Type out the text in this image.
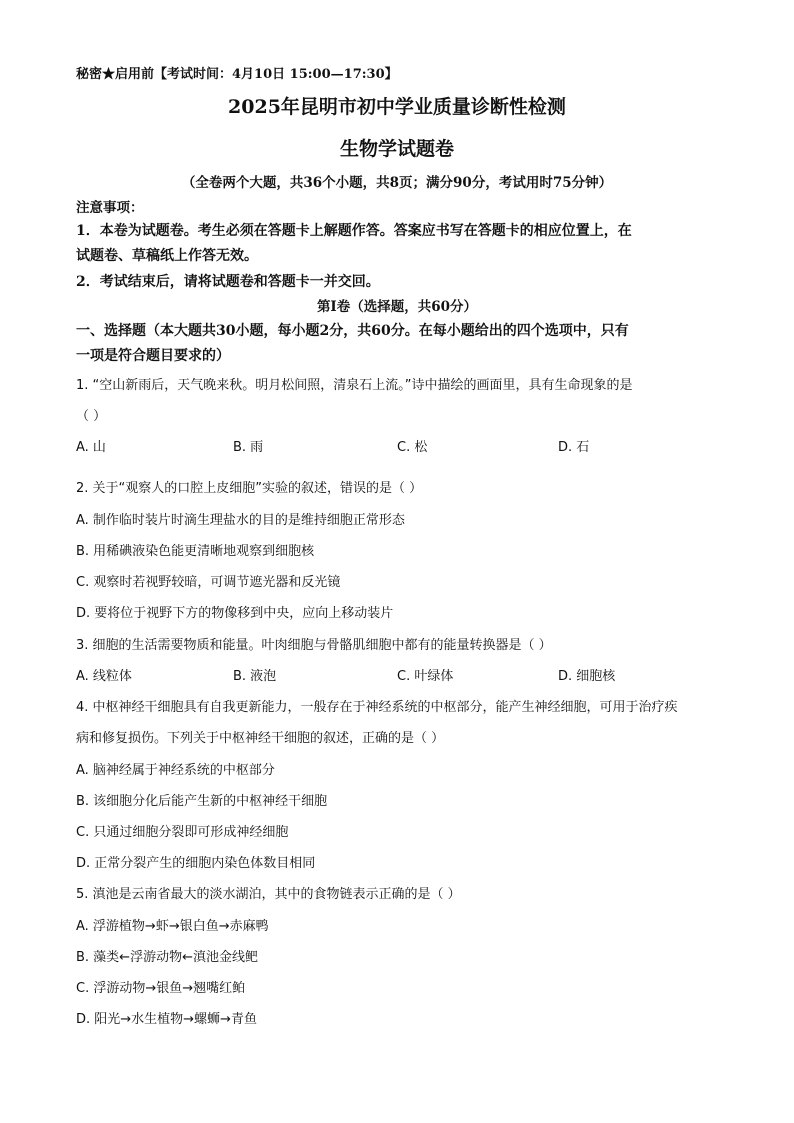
秘密★启用前【考试时间：4月10日 15:00—17:30】
2025年昆明市初中学业质量诊断性检测
生物学试题卷
（全卷两个大题，共36个小题，共8页；满分90分，考试用时75分钟）
注意事项：
1．本卷为试题卷。考生必须在答题卡上解题作答。答案应书写在答题卡的相应位置上，在
试题卷、草稿纸上作答无效。
2．考试结束后，请将试题卷和答题卡一并交回。
第Ⅰ卷（选择题，共60分）
一、选择题（本大题共30小题，每小题2分，共60分。在每小题给出的四个选项中，只有
一项是符合题目要求的）
1. “空山新雨后，天气晚来秋。明月松间照，清泉石上流。”诗中描绘的画面里，具有生命现象的是
（ ）
A. 山	B. 雨	C. 松	D. 石
2. 关于“观察人的口腔上皮细胞”实验的叙述，错误的是（ ）
A. 制作临时装片时滴生理盐水的目的是维持细胞正常形态
B. 用稀碘液染色能更清晰地观察到细胞核
C. 观察时若视野较暗，可调节遮光器和反光镜
D. 要将位于视野下方的物像移到中央，应向上移动装片
3. 细胞的生活需要物质和能量。叶肉细胞与骨骼肌细胞中都有的能量转换器是（ ）
A. 线粒体	B. 液泡	C. 叶绿体	D. 细胞核
4. 中枢神经干细胞具有自我更新能力，一般存在于神经系统的中枢部分，能产生神经细胞，可用于治疗疾
病和修复损伤。下列关于中枢神经干细胞的叙述，正确的是（ ）
A. 脑神经属于神经系统的中枢部分
B. 该细胞分化后能产生新的中枢神经干细胞
C. 只通过细胞分裂即可形成神经细胞
D. 正常分裂产生的细胞内染色体数目相同
5. 滇池是云南省最大的淡水湖泊，其中的食物链表示正确的是（ ）
A. 浮游植物→虾→银白鱼→赤麻鸭
B. 藻类←浮游动物←滇池金线鲃
C. 浮游动物→银鱼→翘嘴红鲌
D. 阳光→水生植物→螺蛳→青鱼
